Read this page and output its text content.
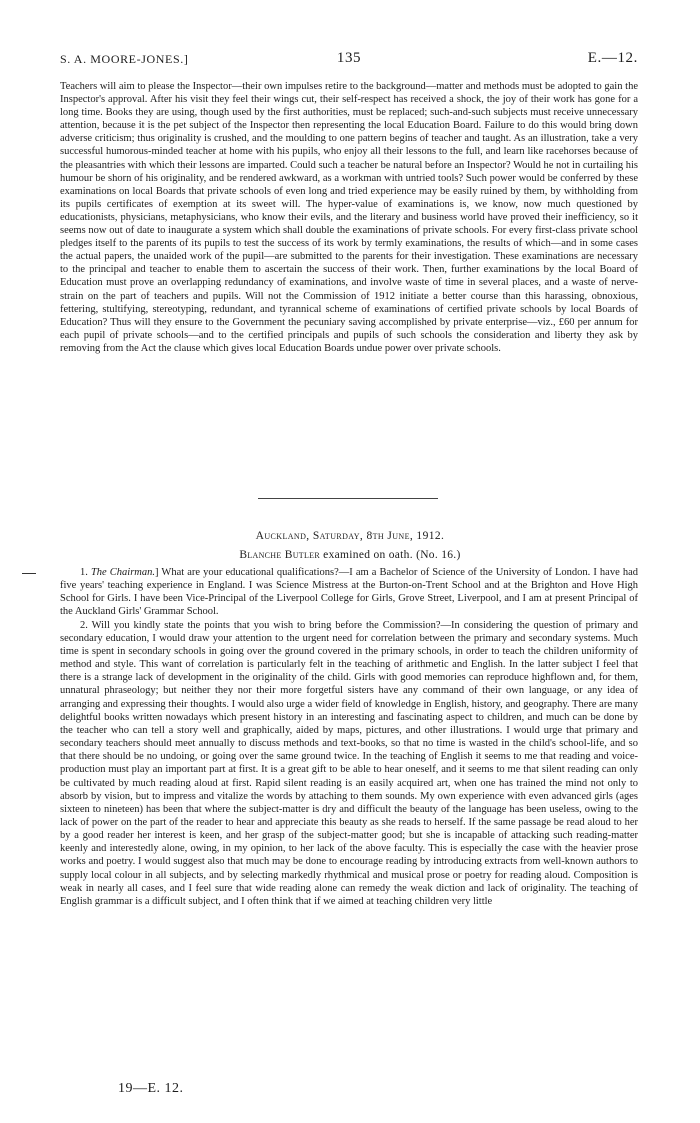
S. A. MOORE-JONES.]	135	E.—12.

Teachers will aim to please the Inspector—their own impulses retire to the background—matter and methods must be adopted to gain the Inspector's approval. After his visit they feel their wings cut, their self-respect has received a shock, the joy of their work has gone for a long time. Books they are using, though used by the first authorities, must be replaced; such-and-such subjects must receive unnecessary attention, because it is the pet subject of the Inspector then representing the local Education Board. Failure to do this would bring down adverse criticism; thus originality is crushed, and the moulding to one pattern begins of teacher and taught. As an illustration, take a very successful humorous-minded teacher at home with his pupils, who enjoy all their lessons to the full, and learn like racehorses because of the pleasantries with which their lessons are imparted. Could such a teacher be natural before an Inspector? Would he not in curtailing his humour be shorn of his originality, and be rendered awkward, as a workman with untried tools? Such power would be conferred by these examinations on local Boards that private schools of even long and tried experience may be easily ruined by them, by withholding from its pupils certificates of exemption at its sweet will. The hyper-value of examinations is, we know, now much questioned by educationists, physicians, metaphysicians, who know their evils, and the literary and business world have proved their inefficiency, so it seems now out of date to inaugurate a system which shall double the examinations of private schools. For every first-class private school pledges itself to the parents of its pupils to test the success of its work by termly examinations, the results of which—and in some cases the actual papers, the unaided work of the pupil—are submitted to the parents for their investigation. These examinations are necessary to the principal and teacher to enable them to ascertain the success of their work. Then, further examinations by the local Board of Education must prove an overlapping redundancy of examinations, and involve waste of time in several places, and a waste of nerve-strain on the part of teachers and pupils. Will not the Commission of 1912 initiate a better course than this harassing, obnoxious, fettering, stultifying, stereotyping, redundant, and tyrannical scheme of examinations of certified private schools by local Boards of Education? Thus will they ensure to the Government the pecuniary saving accomplished by private enterprise—viz., £60 per annum for each pupil of private schools—and to the certified principals and pupils of such schools the consideration and liberty they ask by removing from the Act the clause which gives local Education Boards undue power over private schools.

Auckland, Saturday, 8th June, 1912.

Blanche Butler examined on oath. (No. 16.)

1. The Chairman.] What are your educational qualifications?—I am a Bachelor of Science of the University of London. I have had five years' teaching experience in England. I was Science Mistress at the Burton-on-Trent School and at the Brighton and Hove High School for Girls. I have been Vice-Principal of the Liverpool College for Girls, Grove Street, Liverpool, and I am at present Principal of the Auckland Girls' Grammar School.

2. Will you kindly state the points that you wish to bring before the Commission?—In considering the question of primary and secondary education, I would draw your attention to the urgent need for correlation between the primary and secondary systems. Much time is spent in secondary schools in going over the ground covered in the primary schools, in order to teach the children uniformity of method and style. This want of correlation is particularly felt in the teaching of arithmetic and English. In the latter subject I feel that there is a strange lack of development in the originality of the child. Girls with good memories can reproduce highflown and, for them, unnatural phraseology; but neither they nor their more forgetful sisters have any command of their own language, or any idea of arranging and expressing their thoughts. I would also urge a wider field of knowledge in English, history, and geography. There are many delightful books written nowadays which present history in an interesting and fascinating aspect to children, and much can be done by the teacher who can tell a story well and graphically, aided by maps, pictures, and other illustrations. I would urge that primary and secondary teachers should meet annually to discuss methods and text-books, so that no time is wasted in the child's school-life, and so that there should be no undoing, or going over the same ground twice. In the teaching of English it seems to me that reading and voice-production must play an important part at first. It is a great gift to be able to hear oneself, and it seems to me that silent reading can only be cultivated by much reading aloud at first. Rapid silent reading is an easily acquired art, when one has trained the mind not only to absorb by vision, but to impress and vitalize the words by attaching to them sounds. My own experience with even advanced girls (ages sixteen to nineteen) has been that where the subject-matter is dry and difficult the beauty of the language has been useless, owing to the lack of power on the part of the reader to hear and appreciate this beauty as she reads to herself. If the same passage be read aloud to her by a good reader her interest is keen, and her grasp of the subject-matter good; but she is incapable of attacking such reading-matter keenly and interestedly alone, owing, in my opinion, to her lack of the above faculty. This is especially the case with the heavier prose works and poetry. I would suggest also that much may be done to encourage reading by introducing extracts from well-known authors to supply local colour in all subjects, and by selecting markedly rhythmical and musical prose or poetry for reading aloud. Composition is weak in nearly all cases, and I feel sure that wide reading alone can remedy the weak diction and lack of originality. The teaching of English grammar is a difficult subject, and I often think that if we aimed at teaching children very little

19—E. 12.
